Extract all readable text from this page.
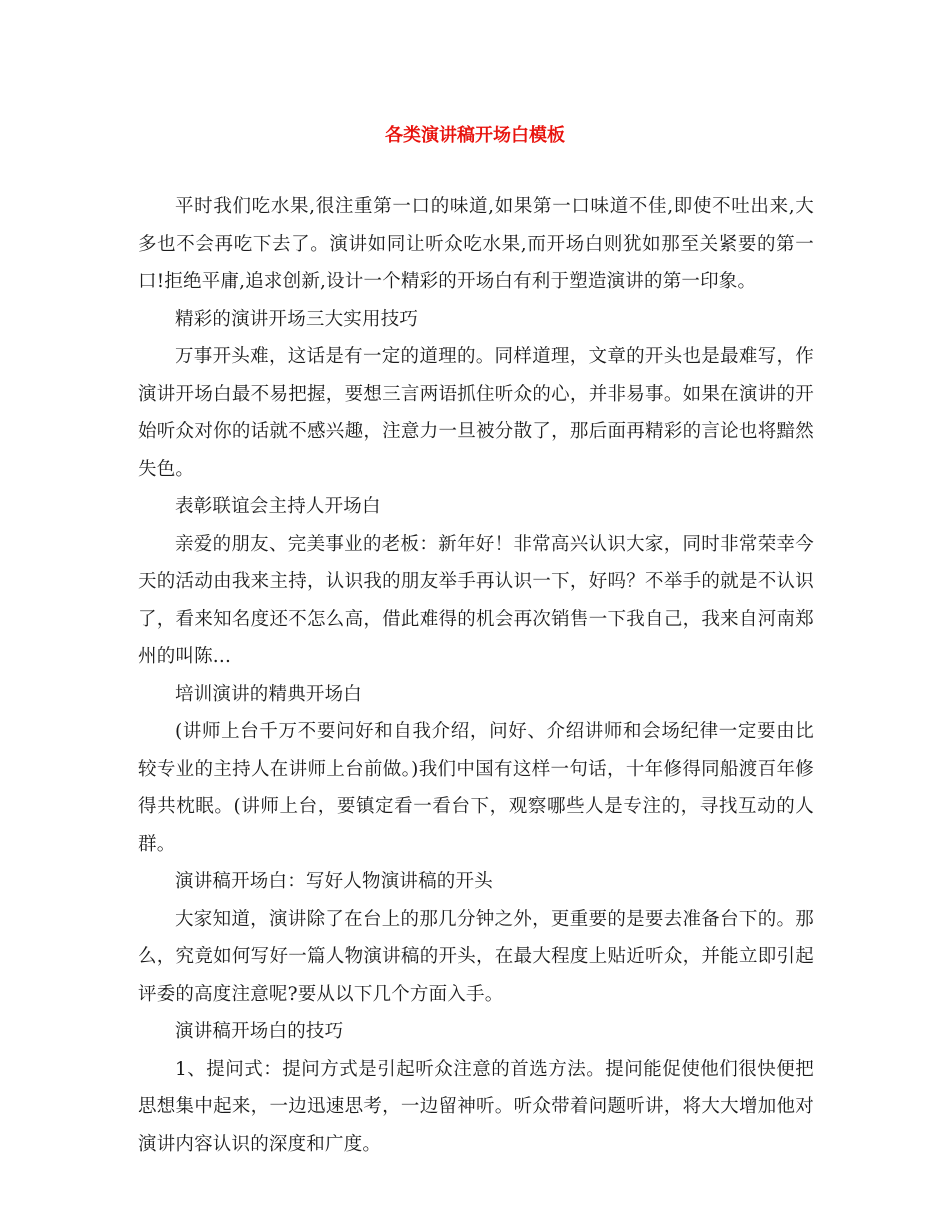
各类演讲稿开场白模板

平时我们吃水果,很注重第一口的味道,如果第一口味道不佳,即使不吐出来,大多也不会再吃下去了。演讲如同让听众吃水果,而开场白则犹如那至关紧要的第一口!拒绝平庸,追求创新,设计一个精彩的开场白有利于塑造演讲的第一印象。

精彩的演讲开场三大实用技巧

万事开头难，这话是有一定的道理的。同样道理，文章的开头也是最难写，作演讲开场白最不易把握，要想三言两语抓住听众的心，并非易事。如果在演讲的开始听众对你的话就不感兴趣，注意力一旦被分散了，那后面再精彩的言论也将黯然失色。

表彰联谊会主持人开场白

亲爱的朋友、完美事业的老板：新年好！非常高兴认识大家，同时非常荣幸今天的活动由我来主持，认识我的朋友举手再认识一下，好吗？不举手的就是不认识了，看来知名度还不怎么高，借此难得的机会再次销售一下我自己，我来自河南郑州的叫陈...

培训演讲的精典开场白

(讲师上台千万不要问好和自我介绍，问好、介绍讲师和会场纪律一定要由比较专业的主持人在讲师上台前做。)我们中国有这样一句话，十年修得同船渡百年修得共枕眠。(讲师上台，要镇定看一看台下，观察哪些人是专注的，寻找互动的人群。

演讲稿开场白：写好人物演讲稿的开头

大家知道，演讲除了在台上的那几分钟之外，更重要的是要去准备台下的。那么，究竟如何写好一篇人物演讲稿的开头，在最大程度上贴近听众，并能立即引起评委的高度注意呢?要从以下几个方面入手。

演讲稿开场白的技巧

1、提问式：提问方式是引起听众注意的首选方法。提问能促使他们很快便把思想集中起来，一边迅速思考，一边留神听。听众带着问题听讲，将大大增加他对演讲内容认识的深度和广度。
